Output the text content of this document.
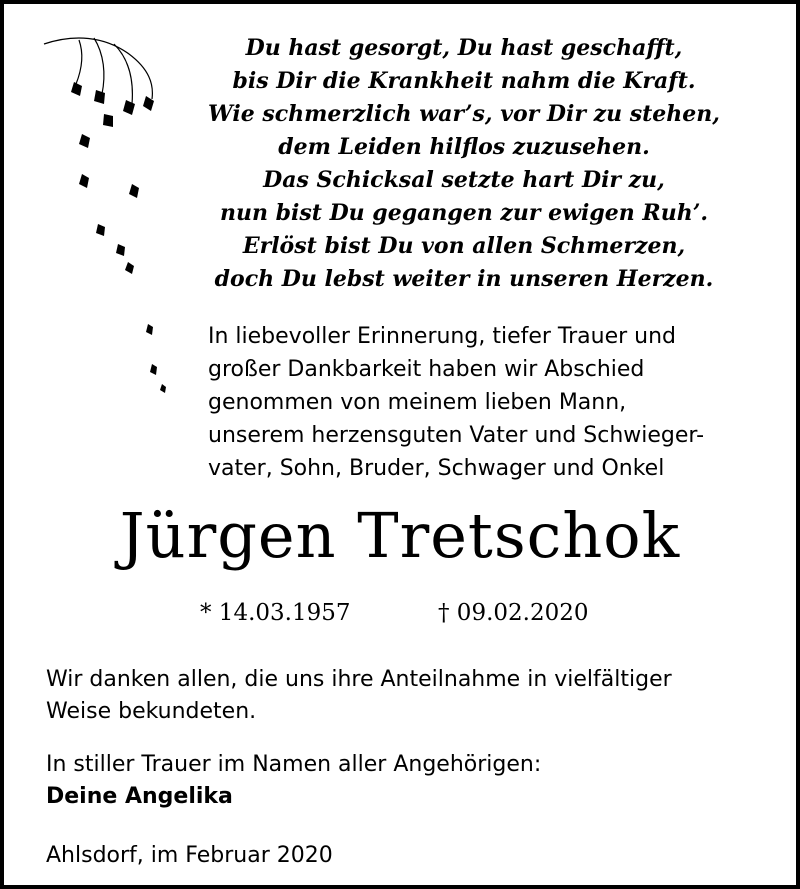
Du hast gesorgt, Du hast geschafft,
bis Dir die Krankheit nahm die Kraft.
Wie schmerzlich war’s, vor Dir zu stehen,
dem Leiden hilflos zuzusehen.
Das Schicksal setzte hart Dir zu,
nun bist Du gegangen zur ewigen Ruh’.
Erlöst bist Du von allen Schmerzen,
doch Du lebst weiter in unseren Herzen.
In liebevoller Erinnerung, tiefer Trauer und
großer Dankbarkeit haben wir Abschied
genommen von meinem lieben Mann,
unserem herzensguten Vater und Schwieger-
vater, Sohn, Bruder, Schwager und Onkel
Jürgen Tretschok
* 14.03.1957	† 09.02.2020
Wir danken allen, die uns ihre Anteilnahme in vielfältiger
Weise bekundeten.
In stiller Trauer im Namen aller Angehörigen:
Deine Angelika
Ahlsdorf, im Februar 2020
